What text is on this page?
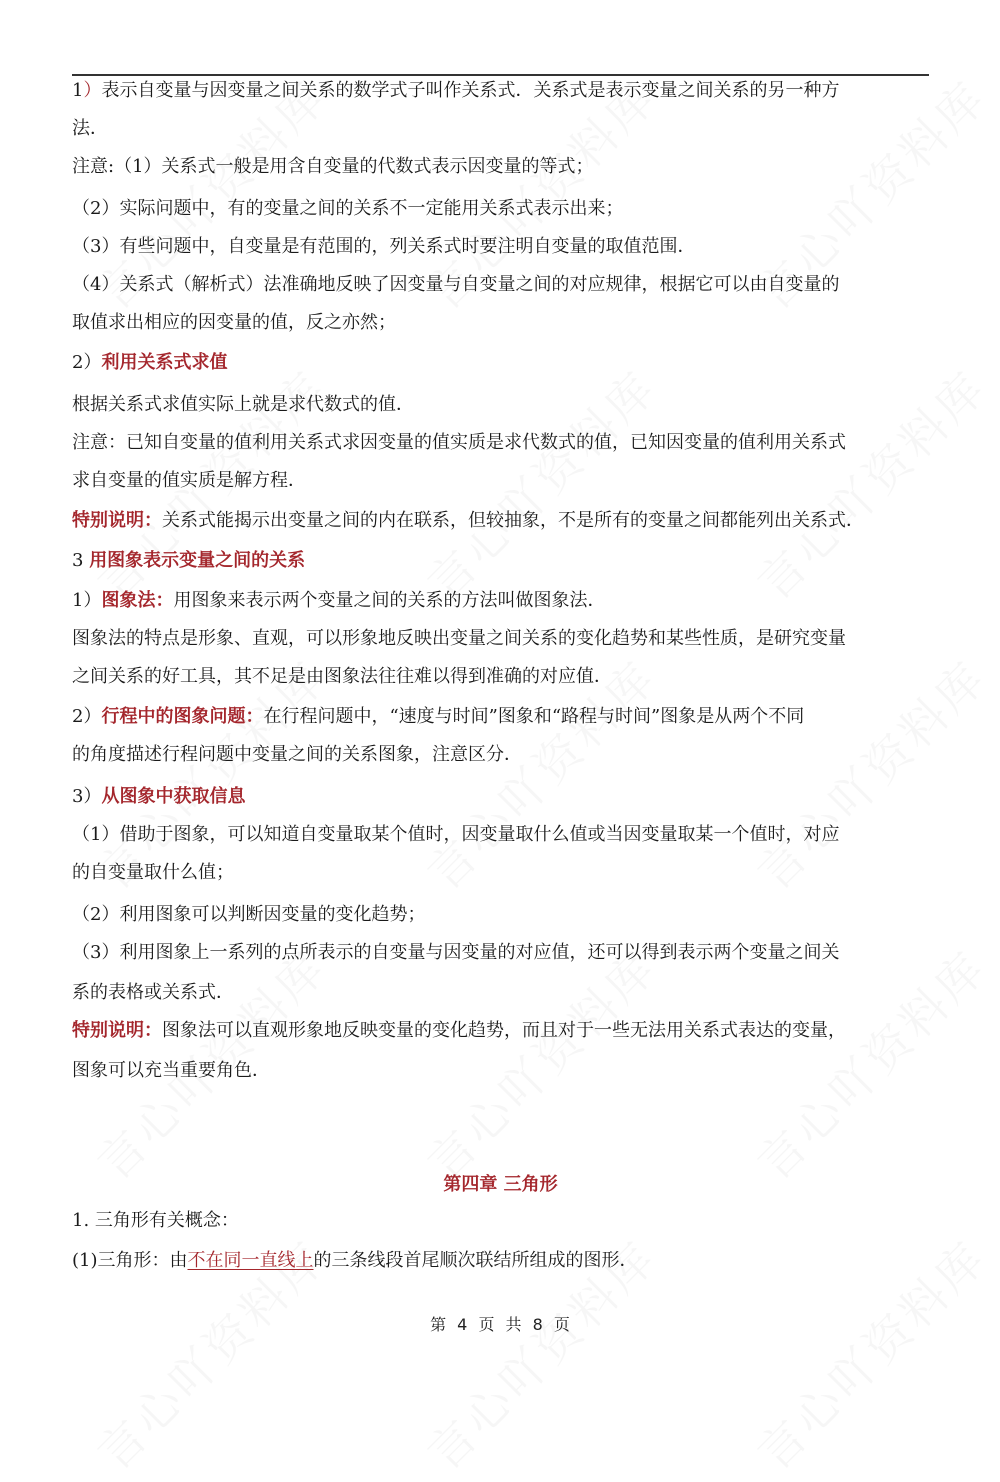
第四章 三角形
1. 三角形有关概念：
(1)三角形：由不在同一直线上的三条线段首尾顺次联结所组成的图形．
1）表示自变量与因变量之间关系的数学式子叫作关系式．关系式是表示变量之间关系的另一种方
法．
注意:（1）关系式一般是用含自变量的代数式表示因变量的等式；
（2）实际问题中，有的变量之间的关系不一定能用关系式表示出来；
（3）有些问题中，自变量是有范围的，列关系式时要注明自变量的取值范围．
（4）关系式（解析式）法准确地反映了因变量与自变量之间的对应规律，根据它可以由自变量的
取值求出相应的因变量的值，反之亦然；
2）利用关系式求值
根据关系式求值实际上就是求代数式的值．
注意：已知自变量的值利用关系式求因变量的值实质是求代数式的值，已知因变量的值利用关系式
求自变量的值实质是解方程．
特别说明：关系式能揭示出变量之间的内在联系，但较抽象，不是所有的变量之间都能列出关系式．
3 用图象表示变量之间的关系
1）图象法：用图象来表示两个变量之间的关系的方法叫做图象法．
图象法的特点是形象、直观，可以形象地反映出变量之间关系的变化趋势和某些性质，是研究变量
之间关系的好工具，其不足是由图象法往往难以得到准确的对应值．
2）行程中的图象问题：在行程问题中，“速度与时间”图象和“路程与时间”图象是从两个不同
的角度描述行程问题中变量之间的关系图象，注意区分．
3）从图象中获取信息
（1）借助于图象，可以知道自变量取某个值时，因变量取什么值或当因变量取某一个值时，对应
的自变量取什么值；
（2）利用图象可以判断因变量的变化趋势；
（3）利用图象上一系列的点所表示的自变量与因变量的对应值，还可以得到表示两个变量之间关
系的表格或关系式．
特别说明：图象法可以直观形象地反映变量的变化趋势，而且对于一些无法用关系式表达的变量，
图象可以充当重要角色．
第 4 页 共 8 页
